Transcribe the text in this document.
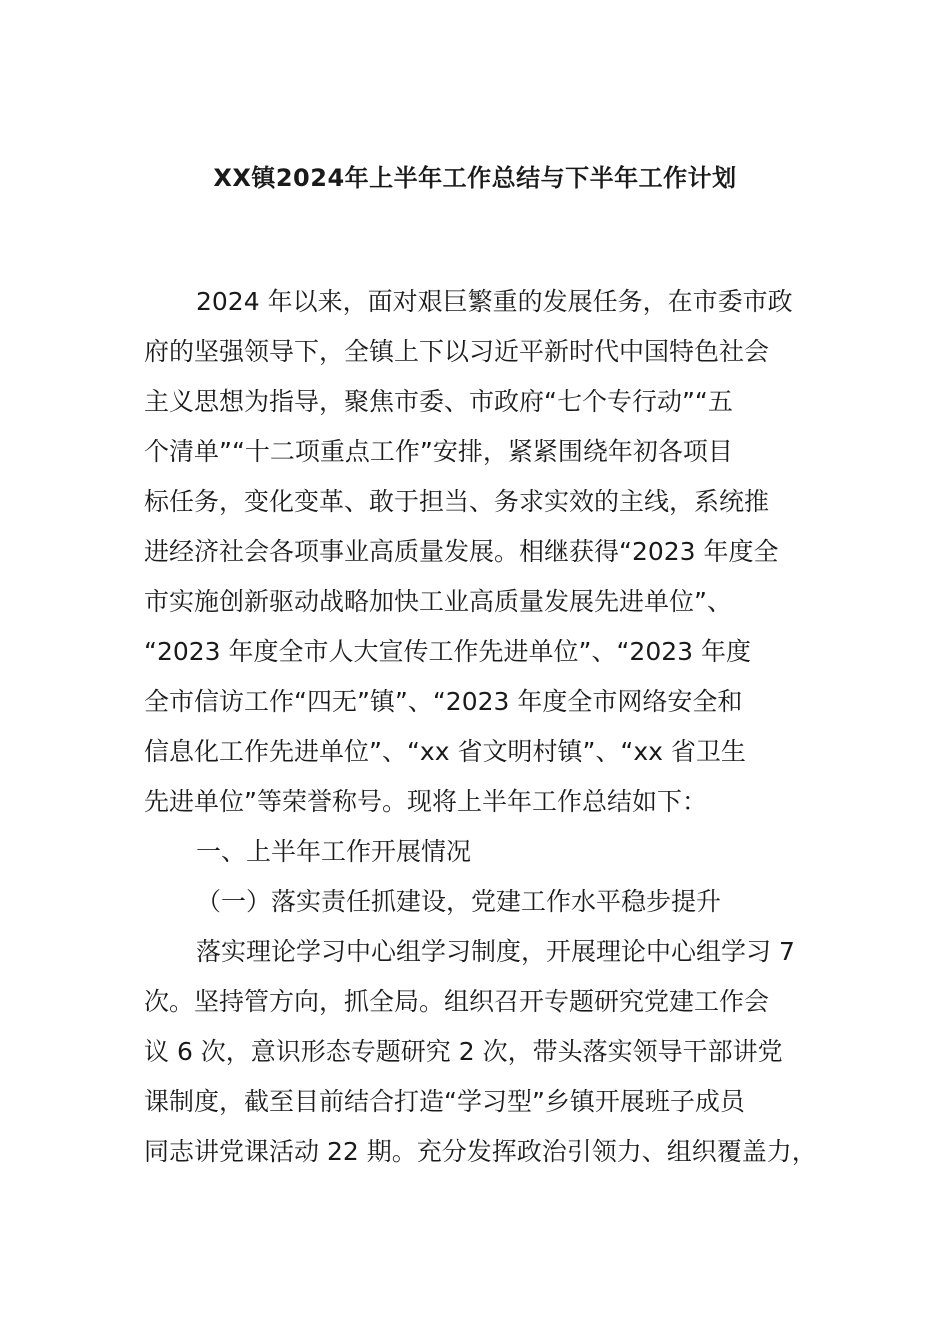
XX镇2024年上半年工作总结与下半年工作计划
2024 年以来，面对艰巨繁重的发展任务，在市委市政
府的坚强领导下，全镇上下以习近平新时代中国特色社会
主义思想为指导，聚焦市委、市政府“七个专行动”“五
个清单”“十二项重点工作”安排，紧紧围绕年初各项目
标任务，变化变革、敢于担当、务求实效的主线，系统推
进经济社会各项事业高质量发展。相继获得“2023 年度全
市实施创新驱动战略加快工业高质量发展先进单位”、
“2023 年度全市人大宣传工作先进单位”、“2023 年度
全市信访工作“四无”镇”、“2023 年度全市网络安全和
信息化工作先进单位”、“xx 省文明村镇”、“xx 省卫生
先进单位”等荣誉称号。现将上半年工作总结如下：
一、上半年工作开展情况
（一）落实责任抓建设，党建工作水平稳步提升
落实理论学习中心组学习制度，开展理论中心组学习 7
次。坚持管方向，抓全局。组织召开专题研究党建工作会
议 6 次，意识形态专题研究 2 次，带头落实领导干部讲党
课制度，截至目前结合打造“学习型”乡镇开展班子成员
同志讲党课活动 22 期。充分发挥政治引领力、组织覆盖力，
